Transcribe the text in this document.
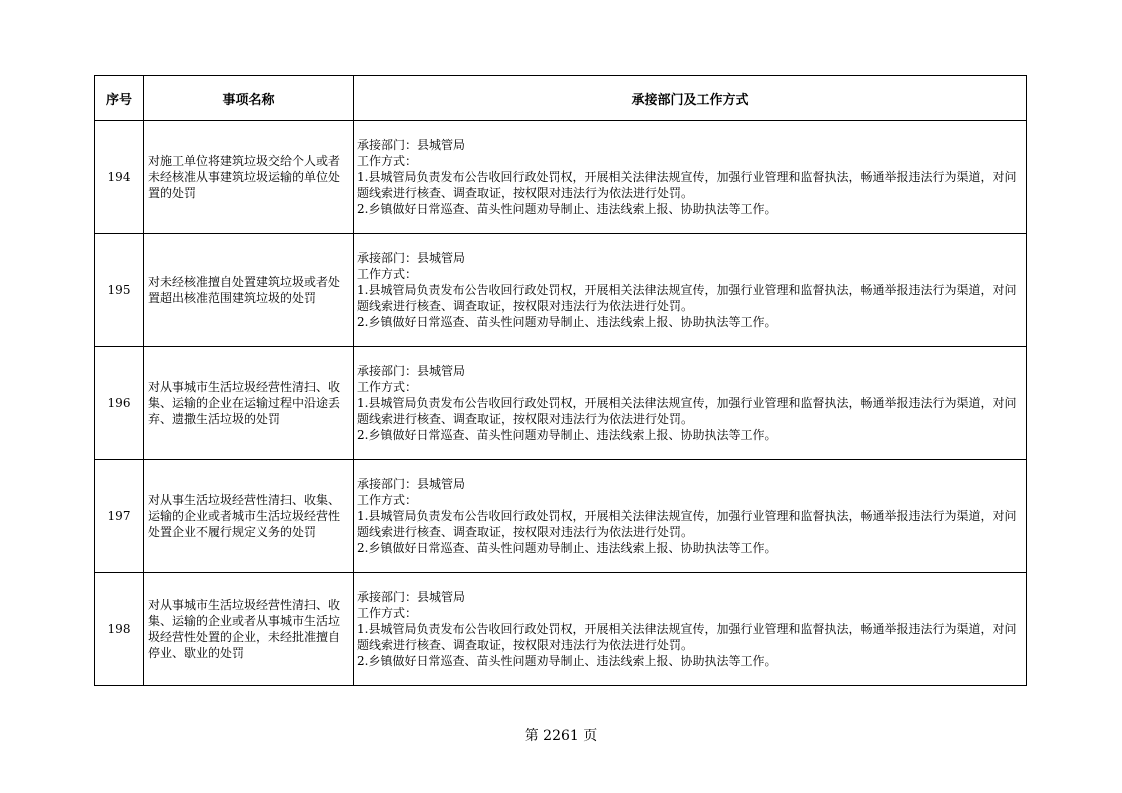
序号	事项名称	承接部门及工作方式
194	对施工单位将建筑垃圾交给个人或者未经核准从事建筑垃圾运输的单位处置的处罚	承接部门：县城管局
工作方式：
1.县城管局负责发布公告收回行政处罚权，开展相关法律法规宣传，加强行业管理和监督执法，畅通举报违法行为渠道，对问题线索进行核查、调查取证，按权限对违法行为依法进行处罚。
2.乡镇做好日常巡查、苗头性问题劝导制止、违法线索上报、协助执法等工作。

195	对未经核准擅自处置建筑垃圾或者处置超出核准范围建筑垃圾的处罚	承接部门：县城管局
工作方式：
1.县城管局负责发布公告收回行政处罚权，开展相关法律法规宣传，加强行业管理和监督执法，畅通举报违法行为渠道，对问题线索进行核查、调查取证，按权限对违法行为依法进行处罚。
2.乡镇做好日常巡查、苗头性问题劝导制止、违法线索上报、协助执法等工作。

196	对从事城市生活垃圾经营性清扫、收集、运输的企业在运输过程中沿途丢弃、遗撒生活垃圾的处罚	承接部门：县城管局
工作方式：
1.县城管局负责发布公告收回行政处罚权，开展相关法律法规宣传，加强行业管理和监督执法，畅通举报违法行为渠道，对问题线索进行核查、调查取证，按权限对违法行为依法进行处罚。
2.乡镇做好日常巡查、苗头性问题劝导制止、违法线索上报、协助执法等工作。

197	对从事生活垃圾经营性清扫、收集、运输的企业或者城市生活垃圾经营性处置企业不履行规定义务的处罚	承接部门：县城管局
工作方式：
1.县城管局负责发布公告收回行政处罚权，开展相关法律法规宣传，加强行业管理和监督执法，畅通举报违法行为渠道，对问题线索进行核查、调查取证，按权限对违法行为依法进行处罚。
2.乡镇做好日常巡查、苗头性问题劝导制止、违法线索上报、协助执法等工作。

198	对从事城市生活垃圾经营性清扫、收集、运输的企业或者从事城市生活垃圾经营性处置的企业，未经批准擅自停业、歇业的处罚	承接部门：县城管局
工作方式：
1.县城管局负责发布公告收回行政处罚权，开展相关法律法规宣传，加强行业管理和监督执法，畅通举报违法行为渠道，对问题线索进行核查、调查取证，按权限对违法行为依法进行处罚。
2.乡镇做好日常巡查、苗头性问题劝导制止、违法线索上报、协助执法等工作。
第 2261 页
